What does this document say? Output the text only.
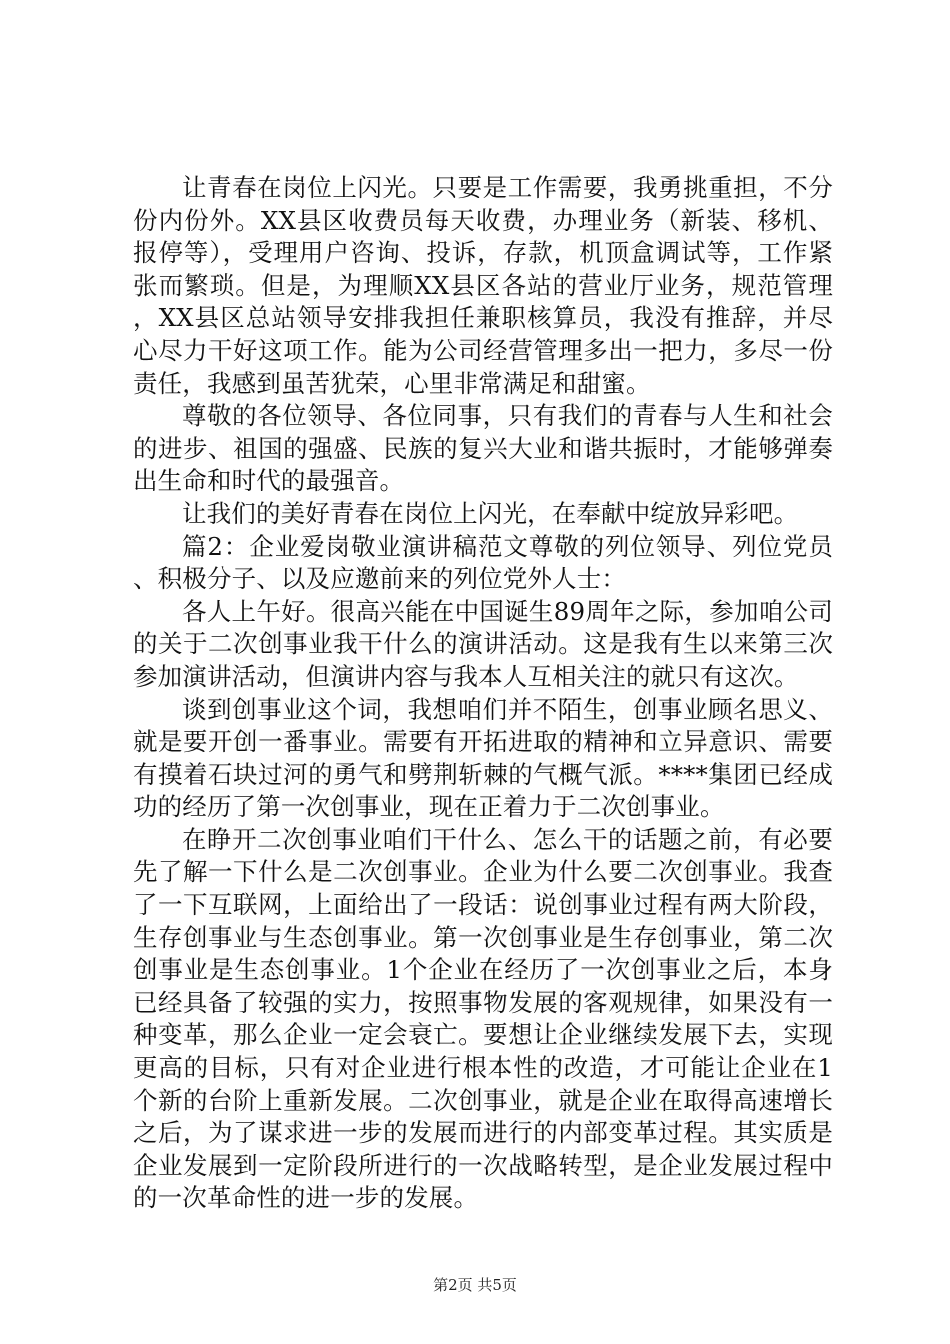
让青春在岗位上闪光。只要是工作需要，我勇挑重担，不分份内份外。XX县区收费员每天收费，办理业务（新装、移机、报停等），受理用户咨询、投诉，存款，机顶盒调试等，工作紧张而繁琐。但是，为理顺XX县区各站的营业厅业务，规范管理，XX县区总站领导安排我担任兼职核算员，我没有推辞，并尽心尽力干好这项工作。能为公司经营管理多出一把力，多尽一份责任，我感到虽苦犹荣，心里非常满足和甜蜜。

尊敬的各位领导、各位同事，只有我们的青春与人生和社会的进步、祖国的强盛、民族的复兴大业和谐共振时，才能够弹奏出生命和时代的最强音。

让我们的美好青春在岗位上闪光，在奉献中绽放异彩吧。

篇2：企业爱岗敬业演讲稿范文尊敬的列位领导、列位党员、积极分子、以及应邀前来的列位党外人士：

各人上午好。很高兴能在中国诞生89周年之际，参加咱公司的关于二次创事业我干什么的演讲活动。这是我有生以来第三次参加演讲活动，但演讲内容与我本人互相关注的就只有这次。

谈到创事业这个词，我想咱们并不陌生，创事业顾名思义、就是要开创一番事业。需要有开拓进取的精神和立异意识、需要有摸着石块过河的勇气和劈荆斩棘的气概气派。****集团已经成功的经历了第一次创事业，现在正着力于二次创事业。

在睁开二次创事业咱们干什么、怎么干的话题之前，有必要先了解一下什么是二次创事业。企业为什么要二次创事业。我查了一下互联网，上面给出了一段话：说创事业过程有两大阶段，生存创事业与生态创事业。第一次创事业是生存创事业，第二次创事业是生态创事业。1个企业在经历了一次创事业之后，本身已经具备了较强的实力，按照事物发展的客观规律，如果没有一种变革，那么企业一定会衰亡。要想让企业继续发展下去，实现更高的目标，只有对企业进行根本性的改造，才可能让企业在1个新的台阶上重新发展。二次创事业，就是企业在取得高速增长之后，为了谋求进一步的发展而进行的内部变革过程。其实质是企业发展到一定阶段所进行的一次战略转型，是企业发展过程中的一次革命性的进一步的发展。

第2页 共5页
